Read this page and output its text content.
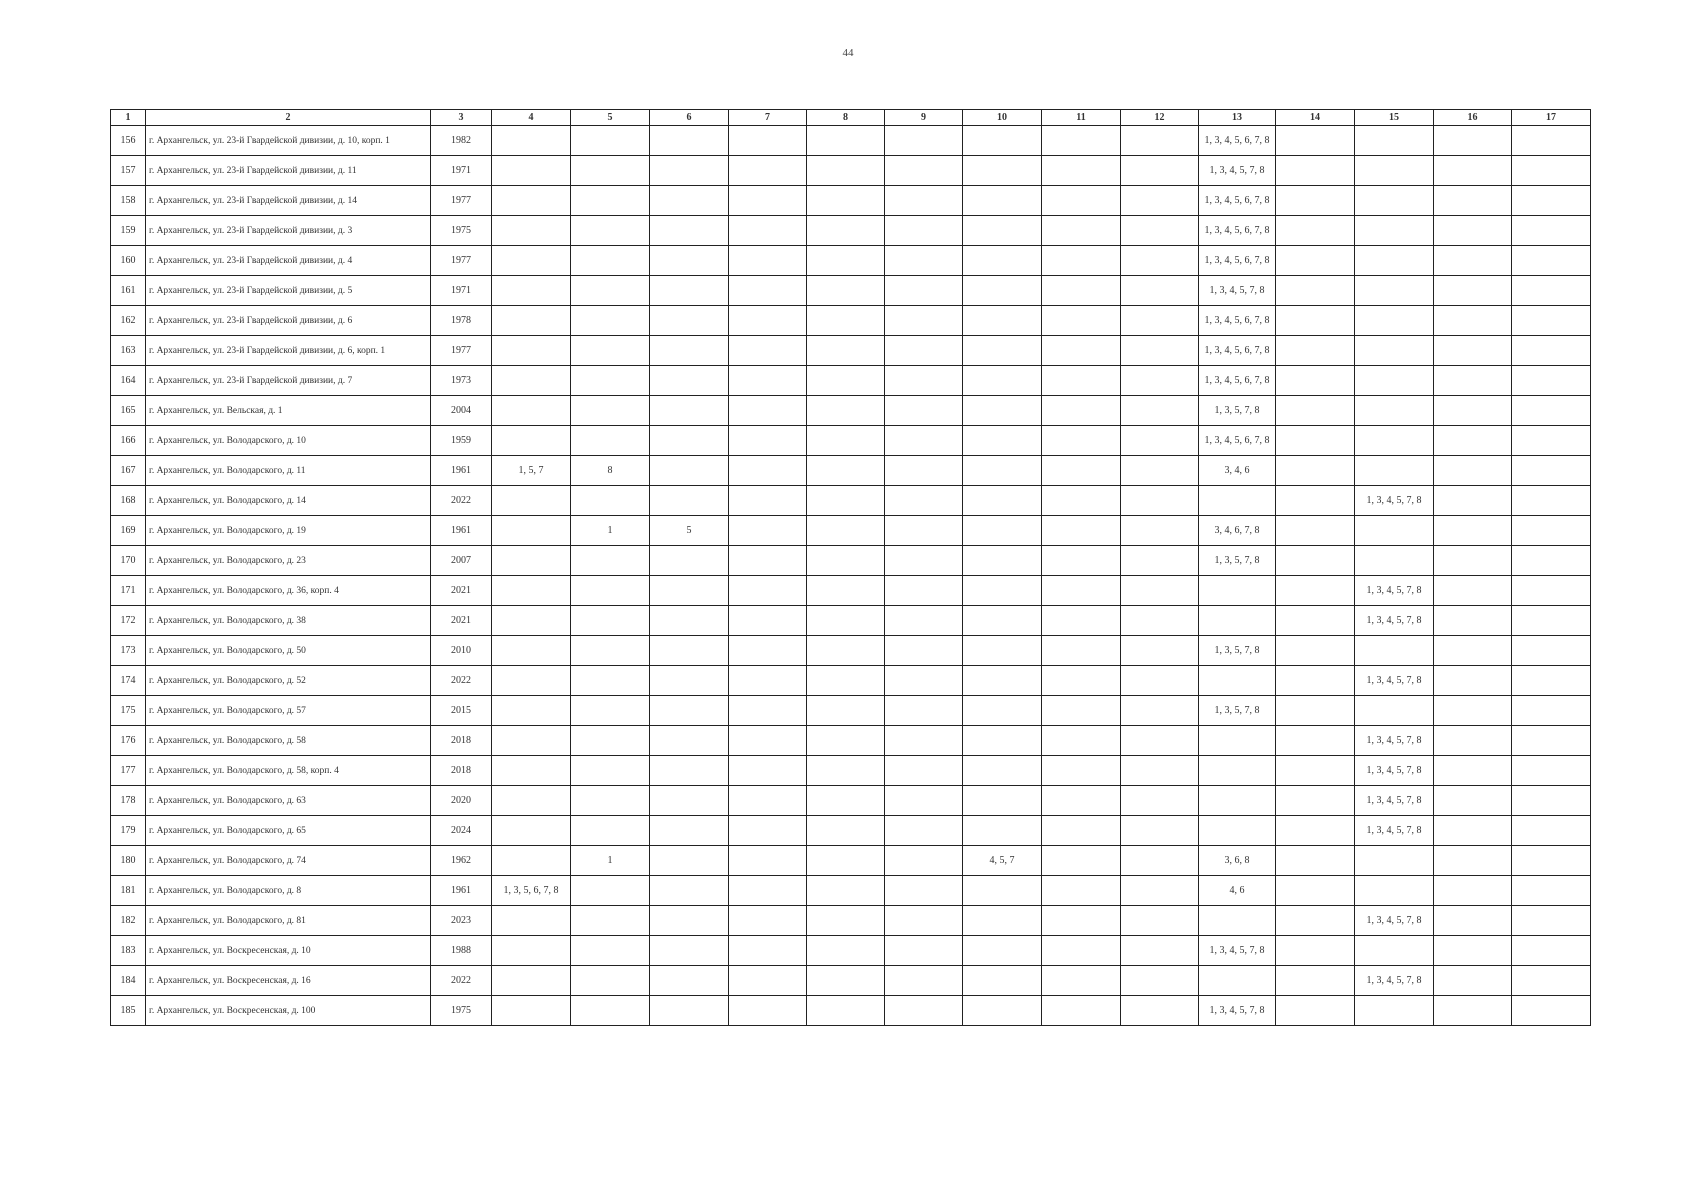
44
1	2	3	4	5	6	7	8	9	10	11	12	13	14	15	16	17
156	г. Архангельск, ул. 23-й Гвардейской дивизии, д. 10, корп. 1	1982										1, 3, 4, 5, 6, 7, 8				
157	г. Архангельск, ул. 23-й Гвардейской дивизии, д. 11	1971										1, 3, 4, 5, 7, 8				
158	г. Архангельск, ул. 23-й Гвардейской дивизии, д. 14	1977										1, 3, 4, 5, 6, 7, 8				
159	г. Архангельск, ул. 23-й Гвардейской дивизии, д. 3	1975										1, 3, 4, 5, 6, 7, 8				
160	г. Архангельск, ул. 23-й Гвардейской дивизии, д. 4	1977										1, 3, 4, 5, 6, 7, 8				
161	г. Архангельск, ул. 23-й Гвардейской дивизии, д. 5	1971										1, 3, 4, 5, 7, 8				
162	г. Архангельск, ул. 23-й Гвардейской дивизии, д. 6	1978										1, 3, 4, 5, 6, 7, 8				
163	г. Архангельск, ул. 23-й Гвардейской дивизии, д. 6, корп. 1	1977										1, 3, 4, 5, 6, 7, 8				
164	г. Архангельск, ул. 23-й Гвардейской дивизии, д. 7	1973										1, 3, 4, 5, 6, 7, 8				
165	г. Архангельск, ул. Вельская, д. 1	2004										1, 3, 5, 7, 8				
166	г. Архангельск, ул. Володарского, д. 10	1959										1, 3, 4, 5, 6, 7, 8				
167	г. Архангельск, ул. Володарского, д. 11	1961	1, 5, 7	8								3, 4, 6				
168	г. Архангельск, ул. Володарского, д. 14	2022												1, 3, 4, 5, 7, 8		
169	г. Архангельск, ул. Володарского, д. 19	1961		1	5							3, 4, 6, 7, 8				
170	г. Архангельск, ул. Володарского, д. 23	2007										1, 3, 5, 7, 8				
171	г. Архангельск, ул. Володарского, д. 36, корп. 4	2021												1, 3, 4, 5, 7, 8		
172	г. Архангельск, ул. Володарского, д. 38	2021												1, 3, 4, 5, 7, 8		
173	г. Архангельск, ул. Володарского, д. 50	2010										1, 3, 5, 7, 8				
174	г. Архангельск, ул. Володарского, д. 52	2022												1, 3, 4, 5, 7, 8		
175	г. Архангельск, ул. Володарского, д. 57	2015										1, 3, 5, 7, 8				
176	г. Архангельск, ул. Володарского, д. 58	2018												1, 3, 4, 5, 7, 8		
177	г. Архангельск, ул. Володарского, д. 58, корп. 4	2018												1, 3, 4, 5, 7, 8		
178	г. Архангельск, ул. Володарского, д. 63	2020												1, 3, 4, 5, 7, 8		
179	г. Архангельск, ул. Володарского, д. 65	2024												1, 3, 4, 5, 7, 8		
180	г. Архангельск, ул. Володарского, д. 74	1962		1					4, 5, 7			3, 6, 8				
181	г. Архангельск, ул. Володарского, д. 8	1961	1, 3, 5, 6, 7, 8									4, 6				
182	г. Архангельск, ул. Володарского, д. 81	2023												1, 3, 4, 5, 7, 8		
183	г. Архангельск, ул. Воскресенская, д. 10	1988										1, 3, 4, 5, 7, 8				
184	г. Архангельск, ул. Воскресенская, д. 16	2022												1, 3, 4, 5, 7, 8		
185	г. Архангельск, ул. Воскресенская, д. 100	1975										1, 3, 4, 5, 7, 8				
